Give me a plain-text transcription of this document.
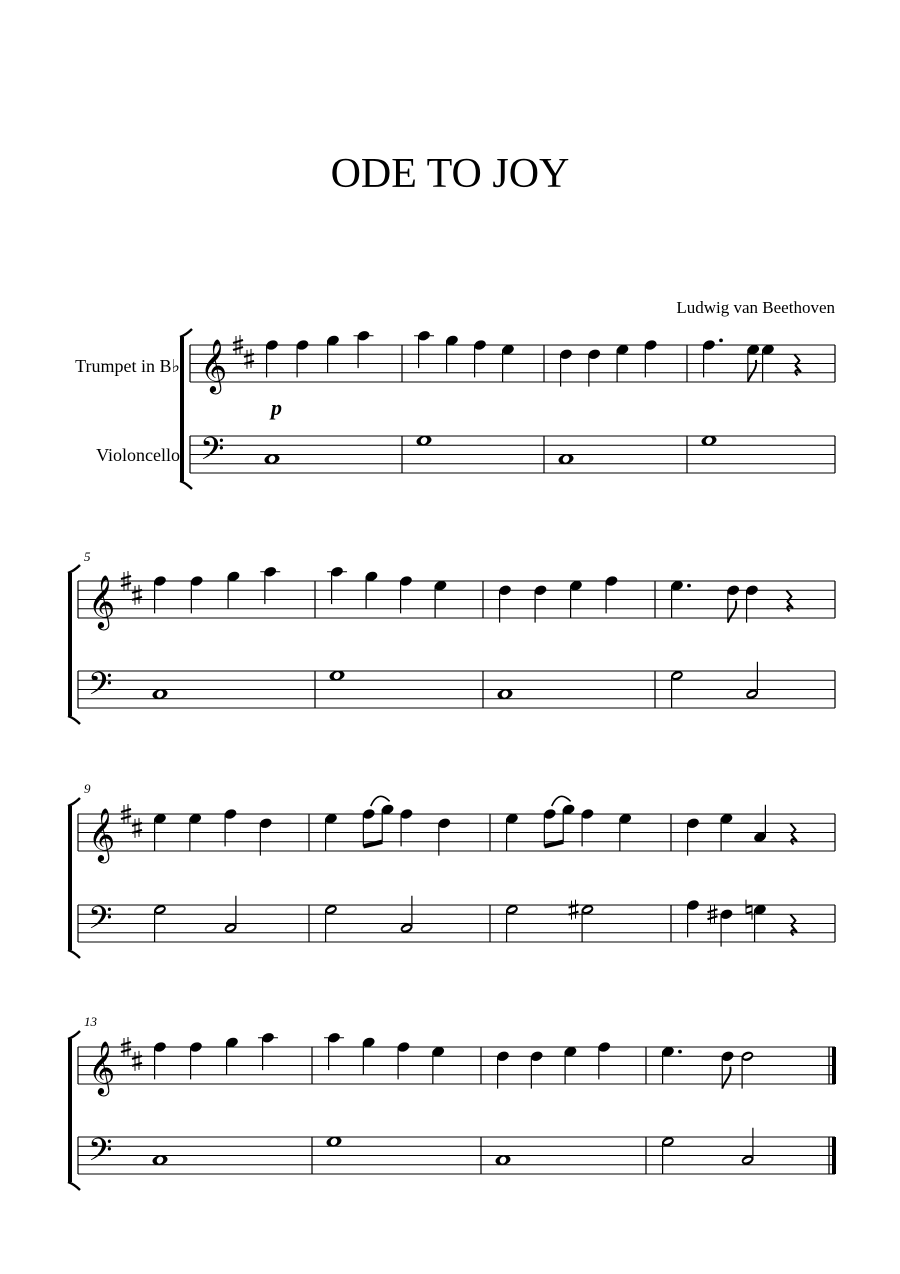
ODE TO JOY
Ludwig van Beethoven
Trumpet in B♭
Violoncello
p
𝄞
𝄢
𝄞
𝄢
5
𝄞
𝄢
9
𝄞
𝄢
13
